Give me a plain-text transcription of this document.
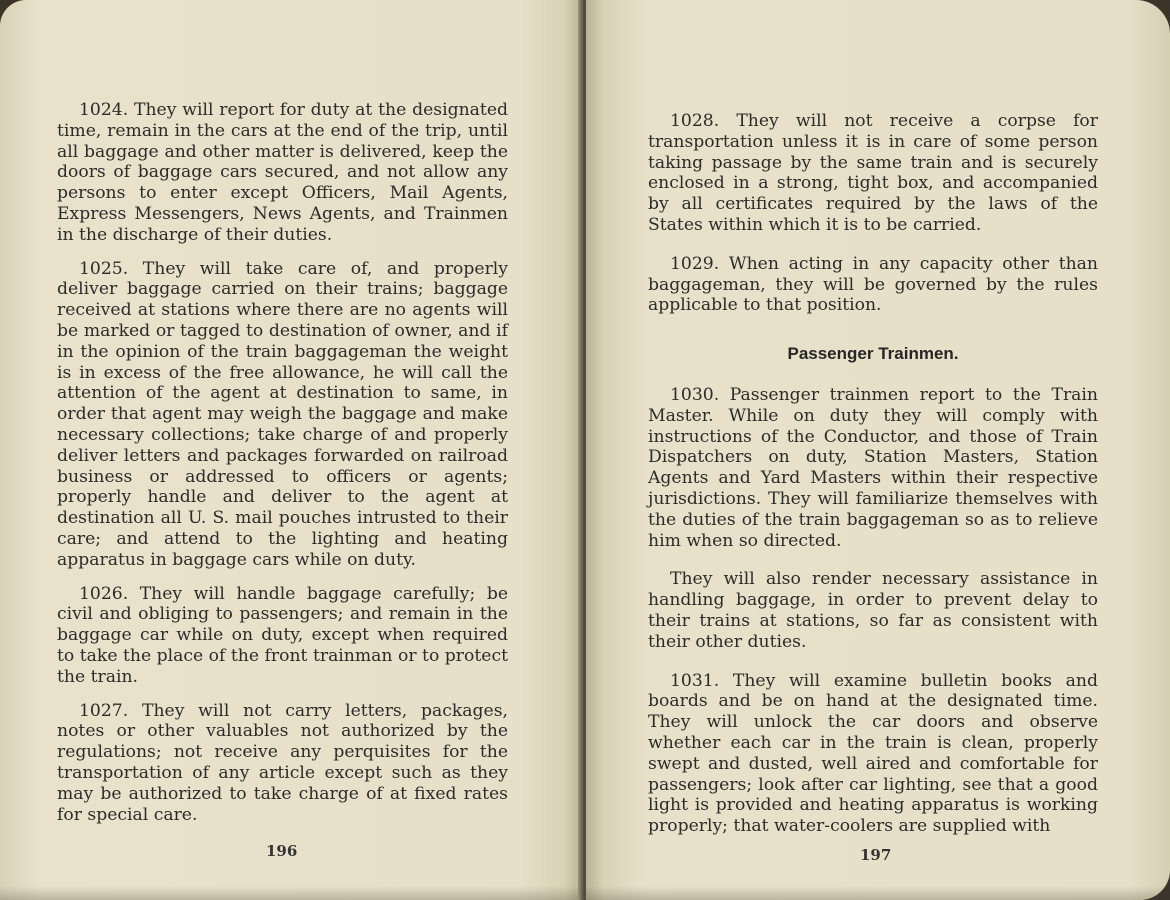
1024. They will report for duty at the designated time, remain in the cars at the end of the trip, until all baggage and other matter is delivered, keep the doors of baggage cars secured, and not allow any persons to enter except Officers, Mail Agents, Express Messengers, News Agents, and Trainmen in the discharge of their duties.

1025. They will take care of, and properly deliver baggage carried on their trains; baggage received at stations where there are no agents will be marked or tagged to destination of owner, and if in the opinion of the train baggageman the weight is in excess of the free allowance, he will call the attention of the agent at destination to same, in order that agent may weigh the baggage and make necessary collections; take charge of and properly deliver letters and packages forwarded on railroad business or addressed to officers or agents; properly handle and deliver to the agent at destination all U. S. mail pouches intrusted to their care; and attend to the lighting and heating apparatus in baggage cars while on duty.

1026. They will handle baggage carefully; be civil and obliging to passengers; and remain in the baggage car while on duty, except when required to take the place of the front trainman or to protect the train.

1027. They will not carry letters, packages, notes or other valuables not authorized by the regulations; not receive any perquisites for the transportation of any article except such as they may be authorized to take charge of at fixed rates for special care.

196

1028. They will not receive a corpse for transportation unless it is in care of some person taking passage by the same train and is securely enclosed in a strong, tight box, and accompanied by all certificates required by the laws of the States within which it is to be carried.

1029. When acting in any capacity other than baggageman, they will be governed by the rules applicable to that position.

Passenger Trainmen.

1030. Passenger trainmen report to the Train Master. While on duty they will comply with instructions of the Conductor, and those of Train Dispatchers on duty, Station Masters, Station Agents and Yard Masters within their respective jurisdictions. They will familiarize themselves with the duties of the train baggageman so as to relieve him when so directed.

They will also render necessary assistance in handling baggage, in order to prevent delay to their trains at stations, so far as consistent with their other duties.

1031. They will examine bulletin books and boards and be on hand at the designated time. They will unlock the car doors and observe whether each car in the train is clean, properly swept and dusted, well aired and comfortable for passengers; look after car lighting, see that a good light is provided and heating apparatus is working properly; that water-coolers are supplied with

197
